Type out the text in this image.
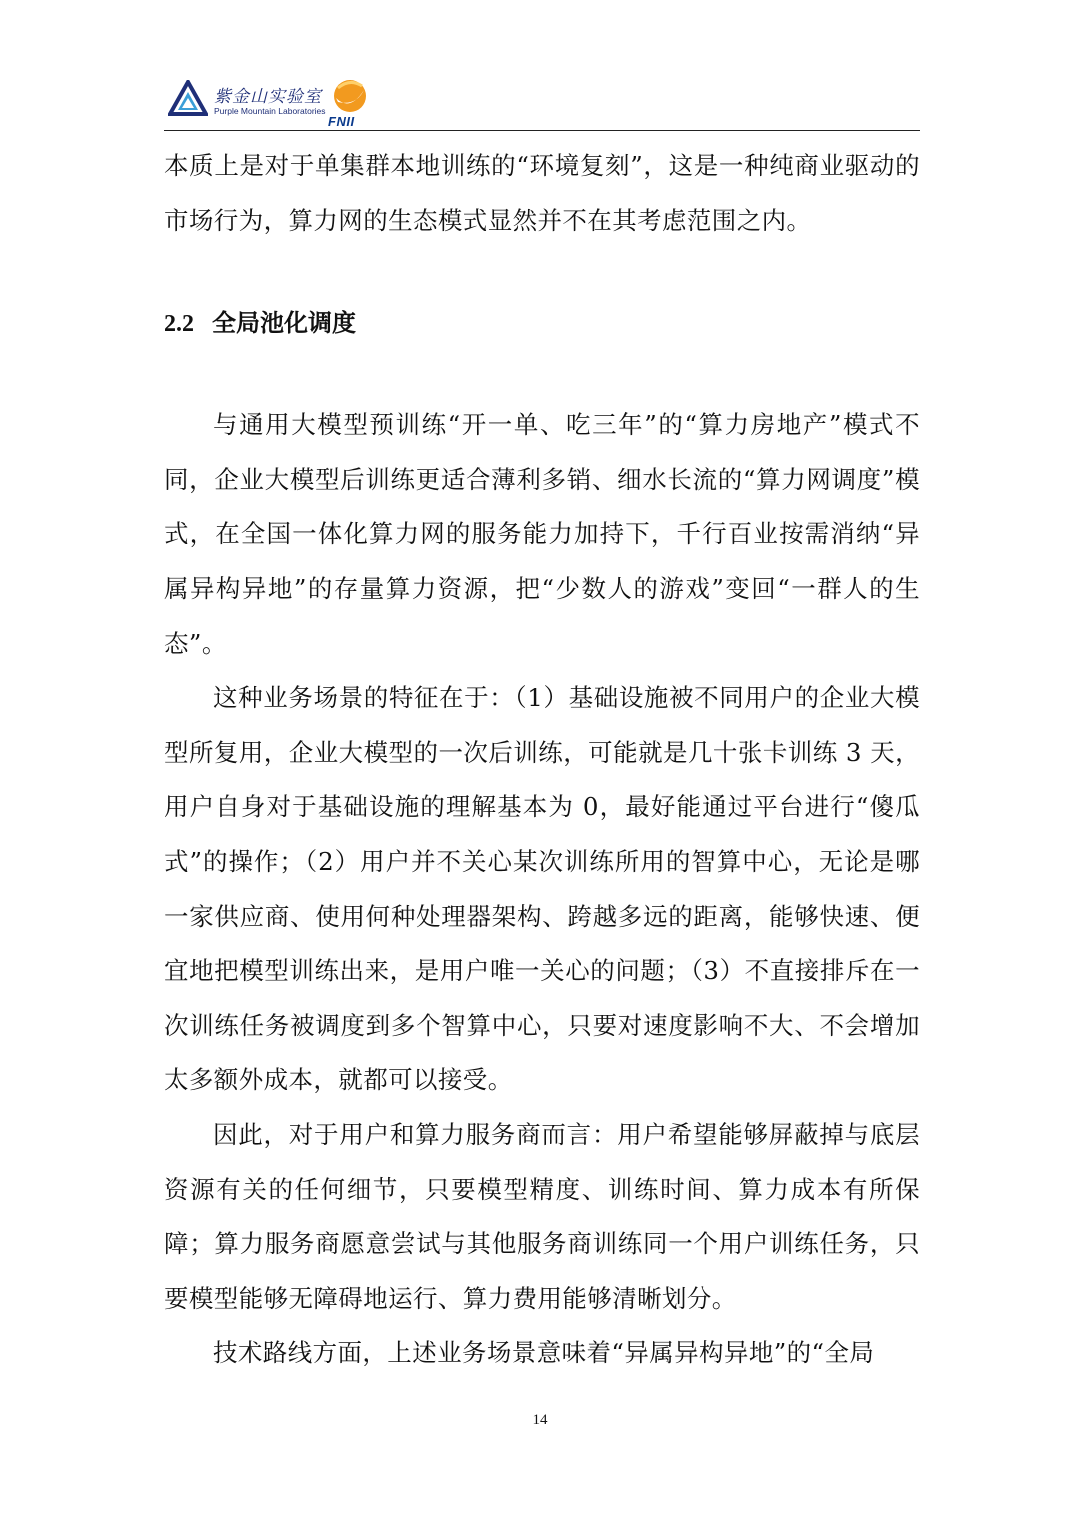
紫金山实验室
Purple Mountain Laboratories
FNII

本质上是对于单集群本地训练的“环境复刻”，这是一种纯商业驱动的市场行为，算力网的生态模式显然并不在其考虑范围之内。

2.2 全局池化调度

与通用大模型预训练“开一单、吃三年”的“算力房地产”模式不同，企业大模型后训练更适合薄利多销、细水长流的“算力网调度”模式，在全国一体化算力网的服务能力加持下，千行百业按需消纳“异属异构异地”的存量算力资源，把“少数人的游戏”变回“一群人的生态”。

这种业务场景的特征在于：（1）基础设施被不同用户的企业大模型所复用，企业大模型的一次后训练，可能就是几十张卡训练 3 天，用户自身对于基础设施的理解基本为 0，最好能通过平台进行“傻瓜式”的操作；（2）用户并不关心某次训练所用的智算中心，无论是哪一家供应商、使用何种处理器架构、跨越多远的距离，能够快速、便宜地把模型训练出来，是用户唯一关心的问题；（3）不直接排斥在一次训练任务被调度到多个智算中心，只要对速度影响不大、不会增加太多额外成本，就都可以接受。

因此，对于用户和算力服务商而言：用户希望能够屏蔽掉与底层资源有关的任何细节，只要模型精度、训练时间、算力成本有所保障；算力服务商愿意尝试与其他服务商训练同一个用户训练任务，只要模型能够无障碍地运行、算力费用能够清晰划分。

技术路线方面，上述业务场景意味着“异属异构异地”的“全局

14
